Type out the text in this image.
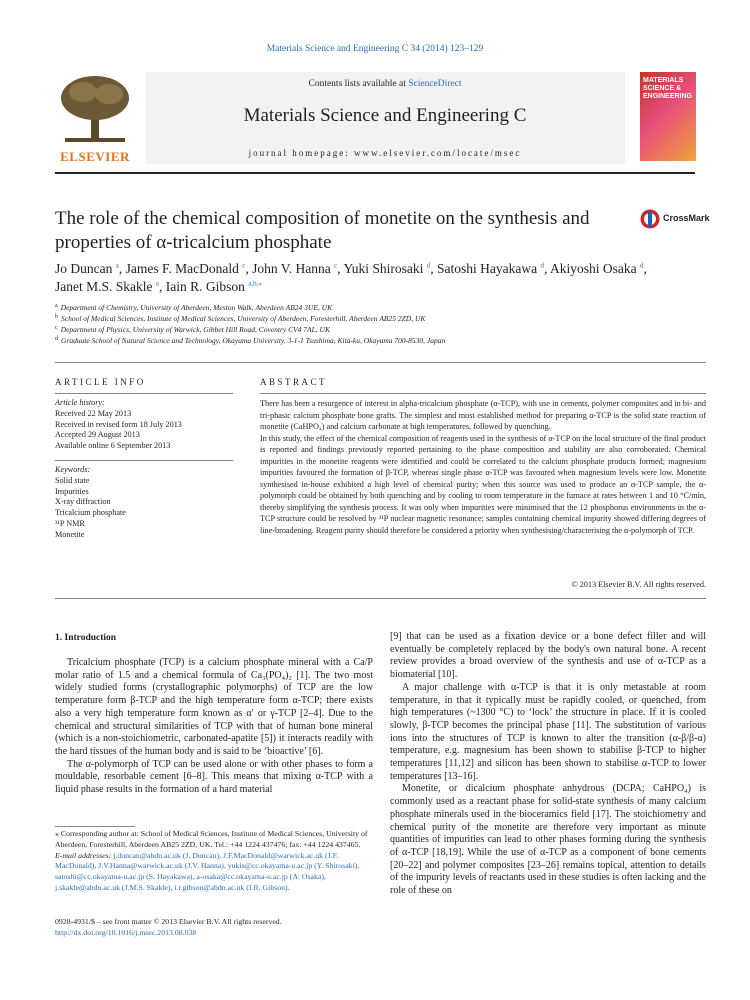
Materials Science and Engineering C 34 (2014) 123–129
ELSEVIER
Contents lists available at ScienceDirect
Materials Science and Engineering C
journal homepage: www.elsevier.com/locate/msec
MATERIALS SCIENCE & ENGINEERING
The role of the chemical composition of monetite on the synthesis and
properties of α-tricalcium phosphate
CrossMark
Jo Duncan $^a$, James F. MacDonald $^c$, John V. Hanna $^c$, Yuki Shirosaki $^d$, Satoshi Hayakawa $^d$, Akiyoshi Osaka $^d$,
Janet M.S. Skakle $^a$, Iain R. Gibson $^{a,b,⁎}$
$^a$ Department of Chemistry, University of Aberdeen, Meston Walk, Aberdeen AB24 3UE, UK
$^b$ School of Medical Sciences, Institute of Medical Sciences, University of Aberdeen, Foresterhill, Aberdeen AB25 2ZD, UK
$^c$ Department of Physics, University of Warwick, Gibbet Hill Road, Coventry CV4 7AL, UK
$^d$ Graduate School of Natural Science and Technology, Okayama University, 3-1-1 Tsushima, Kita-ku, Okayama 700-8530, Japan
ARTICLE INFO
Article history:
Received 22 May 2013
Received in revised form 18 July 2013
Accepted 29 August 2013
Available online 6 September 2013
Keywords:
Solid state
Impurities
X-ray diffraction
Tricalcium phosphate
³¹P NMR
Monetite
ABSTRACT

There has been a resurgence of interest in alpha-tricalcium phosphate (α-TCP), with use in cements, polymer composites and in bi- and tri-phasic calcium phosphate bone grafts. The simplest and most established method for preparing α-TCP is the solid state reaction of monetite (CaHPO₄) and calcium carbonate at high temperatures, followed by quenching.

In this study, the effect of the chemical composition of reagents used in the synthesis of α-TCP on the local structure of the final product is reported and findings previously reported pertaining to the phase composition and stability are also corroborated. Chemical impurities in the monetite reagents were identified and could be correlated to the calcium phosphate products formed; magnesium impurities favoured the formation of β-TCP, whereas single phase α-TCP was favoured when magnesium levels were low. Monetite synthesised in-house exhibited a high level of chemical purity; when this source was used to produce an α-TCP sample, the α-polymorph could be obtained by both quenching and by cooling to room temperature in the furnace at rates between 1 and 10 °C/min, thereby simplifying the synthesis process. It was only when impurities were minimised that the 12 phosphorus environments in the α-TCP structure could be resolved by ³¹P nuclear magnetic resonance; samples containing chemical impurity showed differing degrees of line-broadening. Reagent purity should therefore be considered a priority when synthesising/characterising the α-polymorph of TCP.

© 2013 Elsevier B.V. All rights reserved.
1. Introduction

Tricalcium phosphate (TCP) is a calcium phosphate mineral with a Ca/P molar ratio of 1.5 and a chemical formula of Ca₃(PO₄)₂ [1]. The two most widely studied forms (crystallographic polymorphs) of TCP are the low temperature form β-TCP and the high temperature form α-TCP; there exists also a very high temperature form known as α′ or γ-TCP [2–4]. Due to the chemical and structural similarities of TCP with that of human bone mineral (which is a non-stoichiometric, carbonated-apatite [5]) it interacts readily with the hard tissues of the human body and is said to be ‘bioactive’ [6].

The α-polymorph of TCP can be used alone or with other phases to form a mouldable, resorbable cement [6–8]. This means that mixing α-TCP with a liquid phase results in the formation of a hard material

[9] that can be used as a fixation device or a bone defect filler and will eventually be completely replaced by the body's own natural bone. A recent review provides a broad overview of the synthesis and use of α-TCP as a biomaterial [10].

A major challenge with α-TCP is that it is only metastable at room temperature, in that it typically must be rapidly cooled, or quenched, from high temperatures (~1300 °C) to ‘lock’ the structure in place. If it is cooled slowly, β-TCP becomes the principal phase [11]. The substitution of various ions into the structures of TCP is known to alter the transition (α-β/β-α) temperature, e.g. magnesium has been shown to stabilise β-TCP to higher temperatures [11,12] and silicon has been shown to stabilise α-TCP to lower temperatures [13–16].

Monetite, or dicalcium phosphate anhydrous (DCPA; CaHPO₄) is commonly used as a reactant phase for solid-state synthesis of many calcium phosphate minerals used in the bioceramics field [17]. The stoichiometry and chemical purity of the monetite are therefore very important as minute quantities of impurities can lead to other phases forming during the synthesis of α-TCP [18,19]. While the use of α-TCP as a component of bone cements [20–22] and polymer composites [23–26] remains topical, attention to details of the impurity levels of reactants used in these studies is often lacking and the role of these on

⁎ Corresponding author at: School of Medical Sciences, Institute of Medical Sciences, University of Aberdeen, Foresterhill, Aberdeen AB25 2ZD, UK. Tel.: +44 1224 437476; fax: +44 1224 437465.
E-mail addresses: j.duncan@abdn.ac.uk (J. Duncan), J.F.MacDonald@warwick.ac.uk (J.F. MacDonald), J.V.Hanna@warwick.ac.uk (J.V. Hanna), yukis@cc.okayama-u.ac.jp (Y. Shirosaki), satoshi@cc.okayama-u.ac.jp (S. Hayakawa), a-osaka@cc.okayama-u.ac.jp (A. Osaka), j.skakle@abdn.ac.uk (J.M.S. Skakle), i.r.gibson@abdn.ac.uk (I.R. Gibson).
0928-4931/$ – see front matter © 2013 Elsevier B.V. All rights reserved.
http://dx.doi.org/10.1016/j.msec.2013.08.038
